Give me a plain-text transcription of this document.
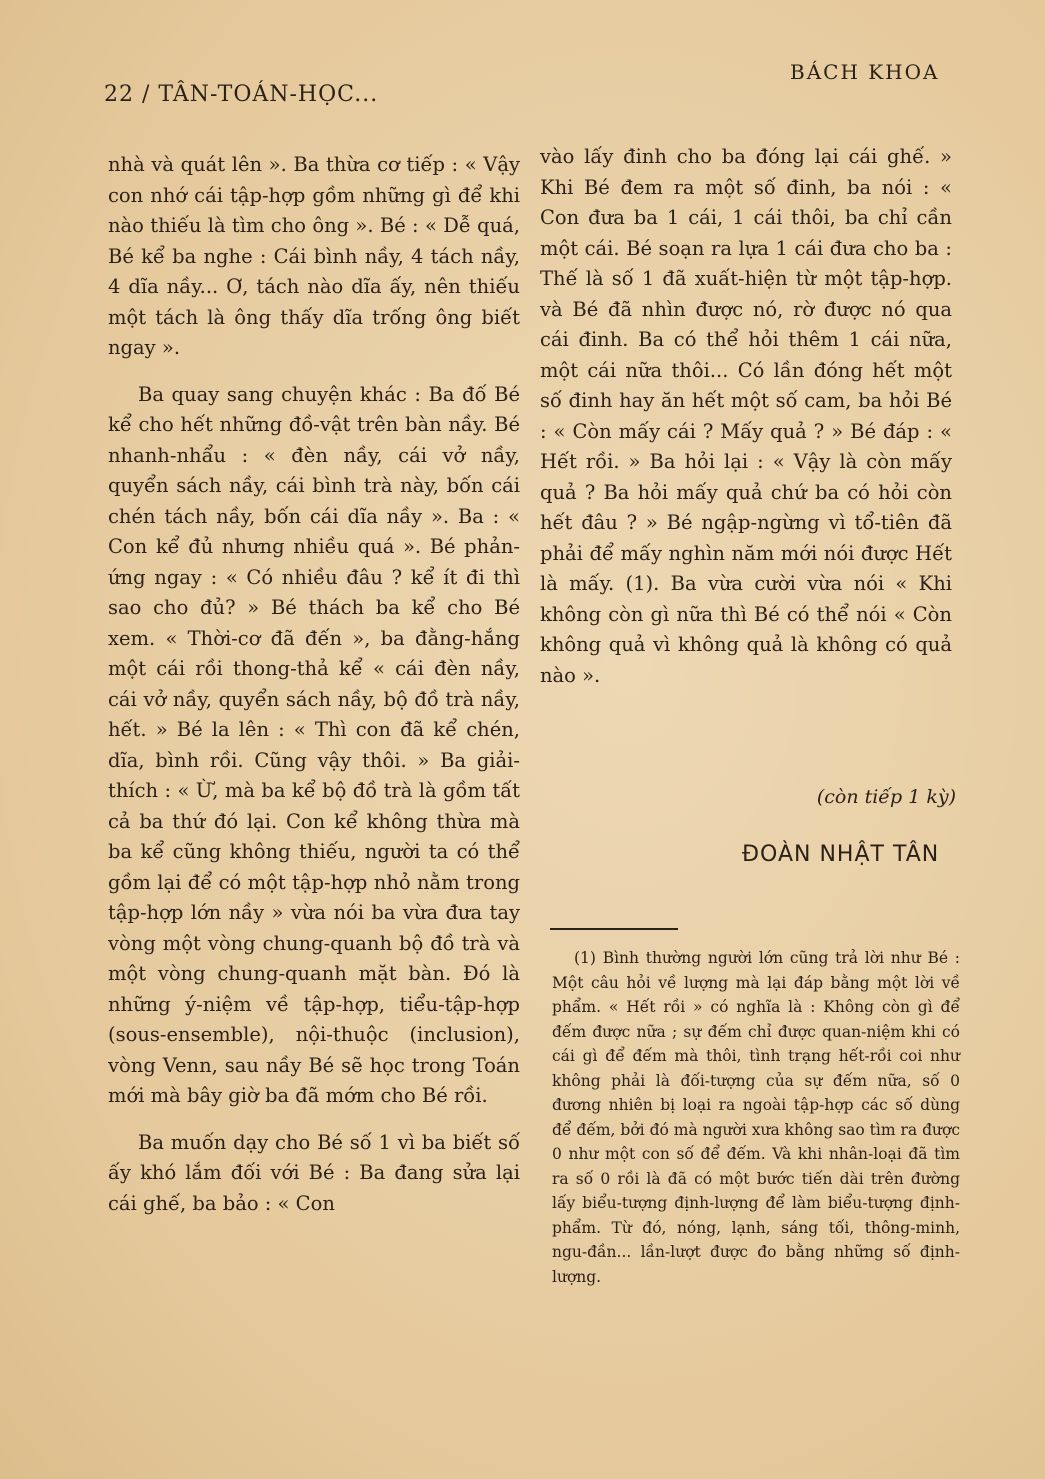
22 / TÂN-TOÁN-HỌC...
BÁCH KHOA

nhà và quát lên ». Ba thừa cơ tiếp : « Vậy con nhớ cái tập-hợp gồm những gì để khi nào thiếu là tìm cho ông ». Bé : « Dễ quá, Bé kể ba nghe : Cái bình nầy, 4 tách nầy, 4 dĩa nầy... Ơ, tách nào dĩa ấy, nên thiếu một tách là ông thấy dĩa trống ông biết ngay ».

Ba quay sang chuyện khác : Ba đố Bé kể cho hết những đồ-vật trên bàn nầy. Bé nhanh-nhẩu : « đèn nầy, cái vở nầy, quyển sách nầy, cái bình trà này, bốn cái chén tách nầy, bốn cái dĩa nầy ». Ba : « Con kể đủ nhưng nhiều quá ». Bé phản-ứng ngay : « Có nhiều đâu ? kể ít đi thì sao cho đủ? » Bé thách ba kể cho Bé xem. « Thời-cơ đã đến », ba đằng-hắng một cái rồi thong-thả kể « cái đèn nầy, cái vở nầy, quyển sách nầy, bộ đồ trà nầy, hết. » Bé la lên : « Thì con đã kể chén, dĩa, bình rồi. Cũng vậy thôi. » Ba giải-thích : « Ừ, mà ba kể bộ đồ trà là gồm tất cả ba thứ đó lại. Con kể không thừa mà ba kể cũng không thiếu, người ta có thể gồm lại để có một tập-hợp nhỏ nằm trong tập-hợp lớn nầy » vừa nói ba vừa đưa tay vòng một vòng chung-quanh bộ đồ trà và một vòng chung-quanh mặt bàn. Đó là những ý-niệm về tập-hợp, tiểu-tập-hợp (sous-ensemble), nội-thuộc (inclusion), vòng Venn, sau nầy Bé sẽ học trong Toán mới mà bây giờ ba đã mớm cho Bé rồi.

Ba muốn dạy cho Bé số 1 vì ba biết số ấy khó lắm đối với Bé : Ba đang sửa lại cái ghế, ba bảo : « Con

vào lấy đinh cho ba đóng lại cái ghế. » Khi Bé đem ra một số đinh, ba nói : « Con đưa ba 1 cái, 1 cái thôi, ba chỉ cần một cái. Bé soạn ra lựa 1 cái đưa cho ba : Thế là số 1 đã xuất-hiện từ một tập-hợp. và Bé đã nhìn được nó, rờ được nó qua cái đinh. Ba có thể hỏi thêm 1 cái nữa, một cái nữa thôi... Có lần đóng hết một số đinh hay ăn hết một số cam, ba hỏi Bé : « Còn mấy cái ? Mấy quả ? » Bé đáp : « Hết rồi. » Ba hỏi lại : « Vậy là còn mấy quả ? Ba hỏi mấy quả chứ ba có hỏi còn hết đâu ? » Bé ngập-ngừng vì tổ-tiên đã phải để mấy nghìn năm mới nói được Hết là mấy. (1). Ba vừa cười vừa nói « Khi không còn gì nữa thì Bé có thể nói « Còn không quả vì không quả là không có quả nào ».

(còn tiếp 1 kỳ)
ĐOÀN NHẬT TÂN

(1) Bình thường người lớn cũng trả lời như Bé : Một câu hỏi về lượng mà lại đáp bằng một lời về phẩm. « Hết rồi » có nghĩa là : Không còn gì để đếm được nữa ; sự đếm chỉ được quan-niệm khi có cái gì để đếm mà thôi, tình trạng hết-rồi coi như không phải là đối-tượng của sự đếm nữa, số 0 đương nhiên bị loại ra ngoài tập-hợp các số dùng để đếm, bởi đó mà người xưa không sao tìm ra được 0 như một con số để đếm. Và khi nhân-loại đã tìm ra số 0 rồi là đã có một bước tiến dài trên đường lấy biểu-tượng định-lượng để làm biểu-tượng định-phẩm. Từ đó, nóng, lạnh, sáng tối, thông-minh, ngu-đần... lần-lượt được đo bằng những số định-lượng.
